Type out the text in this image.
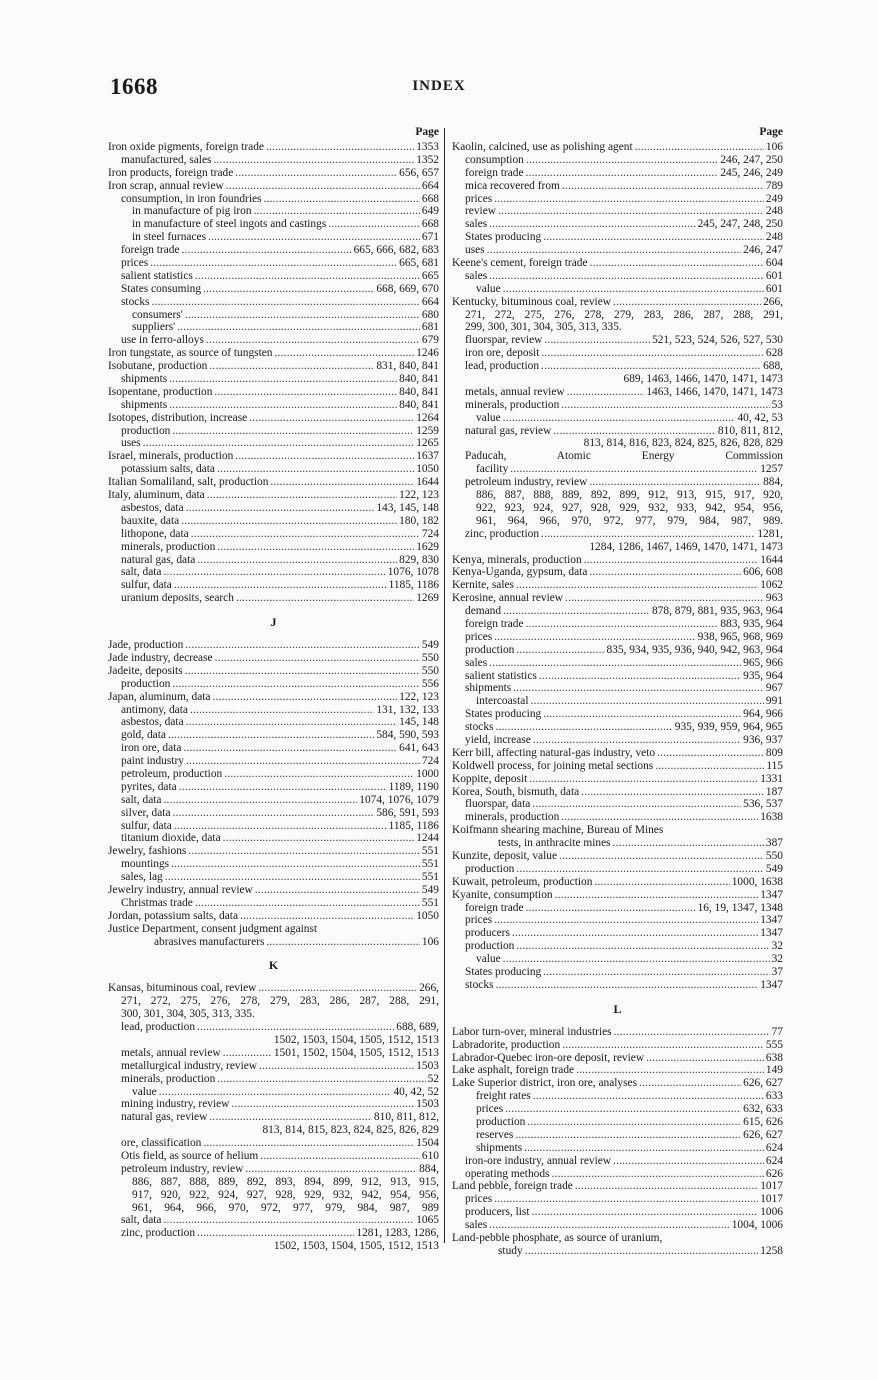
1668	INDEX
Page
Iron oxide pigments, foreign trade .....	1353
manufactured, sales .....	1352
Iron products, foreign trade .....	656, 657
Iron scrap, annual review .....	664
consumption, in iron foundries .....	668
in manufacture of pig iron .....	649
in manufacture of steel ingots and castings .....	668
in steel furnaces .....	671
foreign trade .....	665, 666, 682, 683
prices .....	665, 681
salient statistics .....	665
States consuming .....	668, 669, 670
stocks .....	664
consumers' .....	680
suppliers' .....	681
use in ferro-alloys .....	679
Iron tungstate, as source of tungsten .....	1246
Isobutane, production .....	831, 840, 841
shipments .....	840, 841
Isopentane, production .....	840, 841
shipments .....	840, 841
Isotopes, distribution, increase .....	1264
production .....	1259
uses .....	1265
Israel, minerals, production .....	1637
potassium salts, data .....	1050
Italian Somaliland, salt, production .....	1644
Italy, aluminum, data .....	122, 123
asbestos, data .....	143, 145, 148
bauxite, data .....	180, 182
lithopone, data .....	724
minerals, production .....	1629
natural gas, data .....	829, 830
salt, data .....	1076, 1078
sulfur, data .....	1185, 1186
uranium deposits, search .....	1269
J
Jade, production .....	549
Jade industry, decrease .....	550
Jadeite, deposits .....	550
production .....	556
Japan, aluminum, data .....	122, 123
antimony, data .....	131, 132, 133
asbestos, data .....	145, 148
gold, data .....	584, 590, 593
iron ore, data .....	641, 643
paint industry .....	724
petroleum, production .....	1000
pyrites, data .....	1189, 1190
salt, data .....	1074, 1076, 1079
silver, data .....	586, 591, 593
sulfur, data .....	1185, 1186
titanium dioxide, data .....	1244
Jewelry, fashions .....	551
mountings .....	551
sales, lag .....	551
Jewelry industry, annual review .....	549
Christmas trade .....	551
Jordan, potassium salts, data .....	1050
Justice Department, consent judgment against
abrasives manufacturers .....	106
K
Kansas, bituminous coal, review .....	266,
271, 272, 275, 276, 278, 279, 283, 286, 287, 288, 291,
300, 301, 304, 305, 313, 335.
lead, production .....	688, 689,
1502, 1503, 1504, 1505, 1512, 1513
metals, annual review .....	1501, 1502, 1504, 1505, 1512, 1513
metallurgical industry, review .....	1503
minerals, production .....	52
value .....	40, 42, 52
mining industry, review .....	1503
natural gas, review .....	810, 811, 812,
813, 814, 815, 823, 824, 825, 826, 829
ore, classification .....	1504
Otis field, as source of helium .....	610
petroleum industry, review .....	884,
886, 887, 888, 889, 892, 893, 894, 899, 912, 913, 915,
917, 920, 922, 924, 927, 928, 929, 932, 942, 954, 956,
961, 964, 966, 970, 972, 977, 979, 984, 987, 989
salt, data .....	1065
zinc, production .....	1281, 1283, 1286,
1502, 1503, 1504, 1505, 1512, 1513
Page
Kaolin, calcined, use as polishing agent .....	106
consumption .....	246, 247, 250
foreign trade .....	245, 246, 249
mica recovered from .....	789
prices .....	249
review .....	248
sales .....	245, 247, 248, 250
States producing .....	248
uses .....	246, 247
Keene's cement, foreign trade .....	604
sales .....	601
value .....	601
Kentucky, bituminous coal, review .....	266,
271, 272, 275, 276, 278, 279, 283, 286, 287, 288, 291,
299, 300, 301, 304, 305, 313, 335.
fluorspar, review .....	521, 523, 524, 526, 527, 530
iron ore, deposit .....	628
lead, production .....	688,
689, 1463, 1466, 1470, 1471, 1473
metals, annual review .....	1463, 1466, 1470, 1471, 1473
minerals, production .....	53
value .....	40, 42, 53
natural gas, review .....	810, 811, 812,
813, 814, 816, 823, 824, 825, 826, 828, 829
Paducah, Atomic Energy Commission
facility .....	1257
petroleum industry, review .....	884,
886, 887, 888, 889, 892, 899, 912, 913, 915, 917, 920,
922, 923, 924, 927, 928, 929, 932, 933, 942, 954, 956,
961, 964, 966, 970, 972, 977, 979, 984, 987, 989.
zinc, production .....	1281,
1284, 1286, 1467, 1469, 1470, 1471, 1473
Kenya, minerals, production .....	1644
Kenya-Uganda, gypsum, data .....	606, 608
Kernite, sales .....	1062
Kerosine, annual review .....	963
demand .....	878, 879, 881, 935, 963, 964
foreign trade .....	883, 935, 964
prices .....	938, 965, 968, 969
production .....	835, 934, 935, 936, 940, 942, 963, 964
sales .....	965, 966
salient statistics .....	935, 964
shipments .....	967
intercoastal .....	991
States producing .....	964, 966
stocks .....	935, 939, 959, 964, 965
yield, increase .....	936, 937
Kerr bill, affecting natural-gas industry, veto .....	809
Koldwell process, for joining metal sections .....	115
Koppite, deposit .....	1331
Korea, South, bismuth, data .....	187
fluorspar, data .....	536, 537
minerals, production .....	1638
Koifmann shearing machine, Bureau of Mines
tests, in anthracite mines .....	387
Kunzite, deposit, value .....	550
production .....	549
Kuwait, petroleum, production .....	1000, 1638
Kyanite, consumption .....	1347
foreign trade .....	16, 19, 1347, 1348
prices .....	1347
producers .....	1347
production .....	32
value .....	32
States producing .....	37
stocks .....	1347
L
Labor turn-over, mineral industries .....	77
Labradorite, production .....	555
Labrador-Quebec iron-ore deposit, review .....	638
Lake asphalt, foreign trade .....	149
Lake Superior district, iron ore, analyses .....	626, 627
freight rates .....	633
prices .....	632, 633
production .....	615, 626
reserves .....	626, 627
shipments .....	624
iron-ore industry, annual review .....	624
operating methods .....	626
Land pebble, foreign trade .....	1017
prices .....	1017
producers, list .....	1006
sales .....	1004, 1006
Land-pebble phosphate, as source of uranium,
study .....	1258
